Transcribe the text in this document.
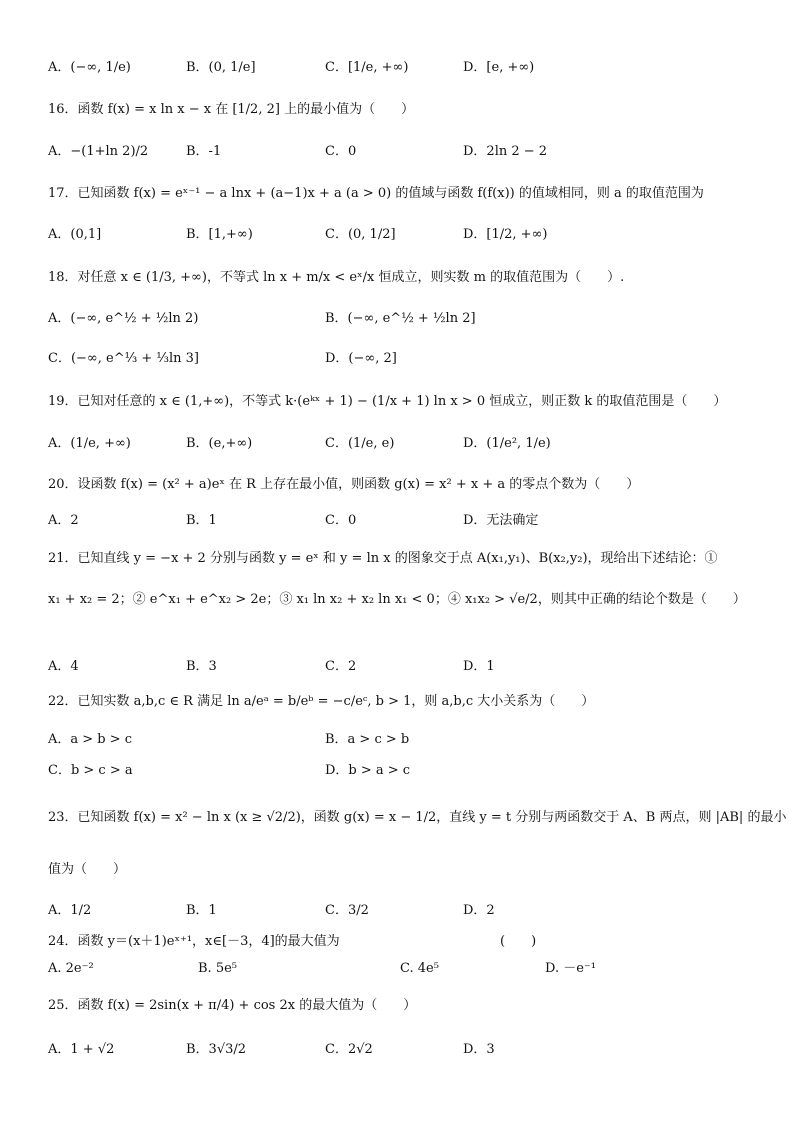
A．(−∞, 1/e)	B．(0, 1/e]	C．[1/e, +∞)	D．[e, +∞)
16．函数 f(x) = x ln x − x 在 [1/2, 2] 上的最小值为（　　）
A．−(1+ln 2)/2	B．-1	C．0	D．2ln 2 − 2
17．已知函数 f(x) = eˣ⁻¹ − a lnx + (a−1)x + a (a > 0) 的值域与函数 f(f(x)) 的值域相同，则 a 的取值范围为
A．(0,1]	B．[1,+∞)	C．(0, 1/2]	D．[1/2, +∞)
18．对任意 x ∈ (1/3, +∞)，不等式 ln x + m/x < eˣ/x 恒成立，则实数 m 的取值范围为（　　）.
A．(−∞, e^½ + ½ln 2)	B．(−∞, e^½ + ½ln 2]
C．(−∞, e^⅓ + ⅓ln 3]	D．(−∞, 2]
19．已知对任意的 x ∈ (1,+∞)，不等式 k·(eᵏˣ + 1) − (1/x + 1) ln x > 0 恒成立，则正数 k 的取值范围是（　　）
A．(1/e, +∞)	B．(e,+∞)	C．(1/e, e)	D．(1/e², 1/e)
20．设函数 f(x) = (x² + a)eˣ 在 R 上存在最小值，则函数 g(x) = x² + x + a 的零点个数为（　　）
A．2	B．1	C．0	D．无法确定
21．已知直线 y = −x + 2 分别与函数 y = eˣ 和 y = ln x 的图象交于点 A(x₁,y₁)、B(x₂,y₂)，现给出下述结论：①
x₁ + x₂ = 2；② e^x₁ + e^x₂ > 2e；③ x₁ ln x₂ + x₂ ln x₁ < 0；④ x₁x₂ > √e/2，则其中正确的结论个数是（　　）
A．4	B．3	C．2	D．1
22．已知实数 a,b,c ∈ R 满足 ln a/eᵃ = b/eᵇ = −c/eᶜ, b > 1，则 a,b,c 大小关系为（　　）
A．a > b > c	B．a > c > b
C．b > c > a	D．b > a > c
23．已知函数 f(x) = x² − ln x (x ≥ √2/2)，函数 g(x) = x − 1/2，直线 y = t 分别与两函数交于 A、B 两点，则 |AB| 的最小
值为（　　）
A．1/2	B．1	C．3/2	D．2
24．函数 y＝(x＋1)eˣ⁺¹，x∈[－3，4]的最大值为	(　　)
A. 2e⁻²	B. 5e⁵	C. 4e⁵	D. －e⁻¹
25．函数 f(x) = 2sin(x + π/4) + cos 2x 的最大值为（　　）
A．1 + √2	B．3√3/2	C．2√2	D．3
